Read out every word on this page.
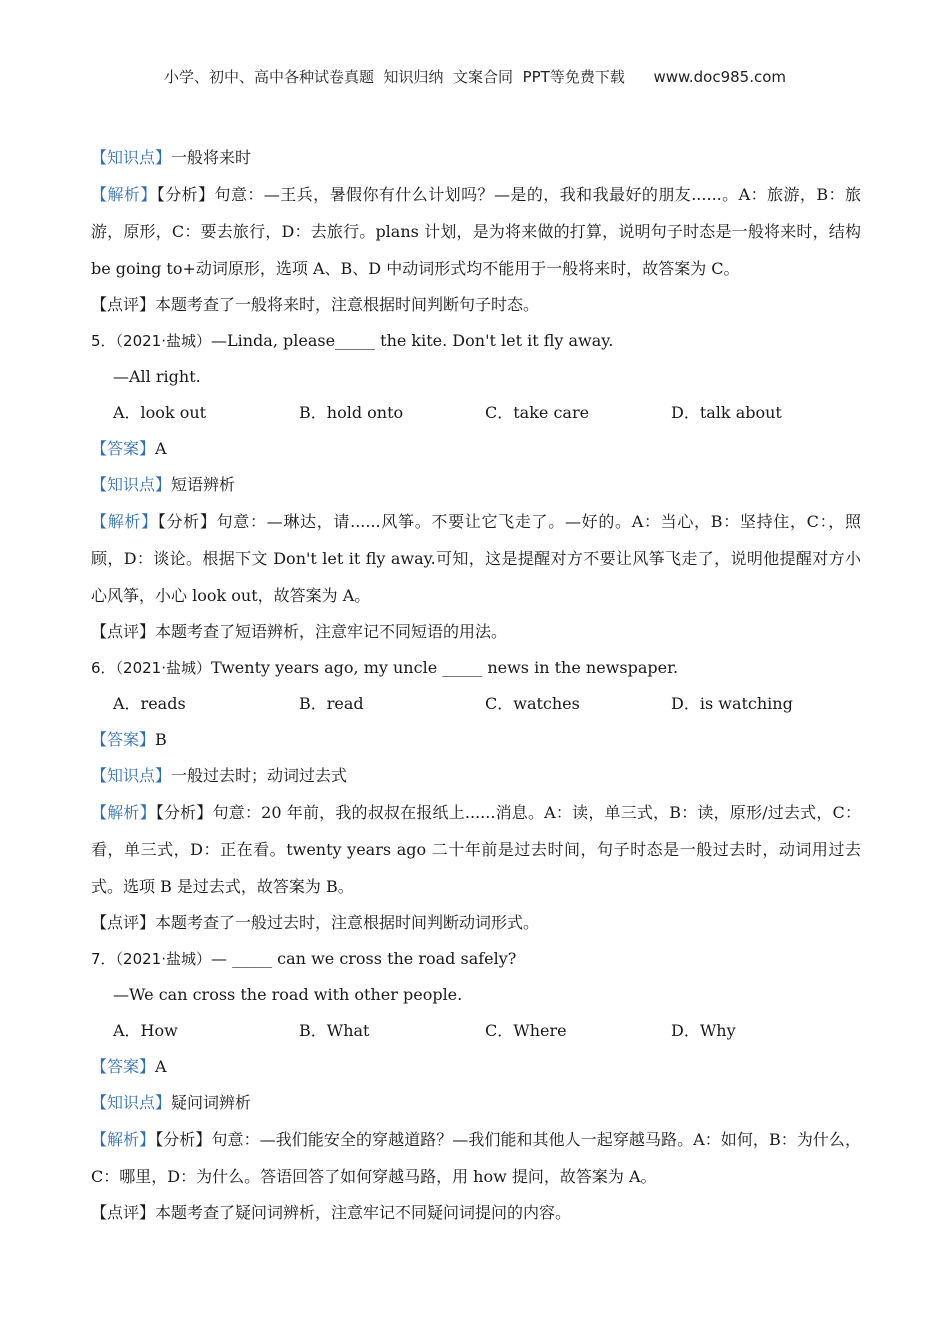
小学、初中、高中各种试卷真题  知识归纳  文案合同  PPT等免费下载 www.doc985.com
【知识点】一般将来时
【解析】【分析】句意：—王兵，暑假你有什么计划吗？—是的，我和我最好的朋友......。A：旅游，B：旅游，原形，C：要去旅行，D：去旅行。plans 计划，是为将来做的打算，说明句子时态是一般将来时，结构 be going to+动词原形，选项 A、B、D 中动词形式均不能用于一般将来时，故答案为 C。
【点评】本题考查了一般将来时，注意根据时间判断句子时态。
5．（2021·盐城）—Linda, please_____ the kite. Don't let it fly away.
—All right.
A．look out	B．hold onto	C．take care	D．talk about
【答案】A
【知识点】短语辨析
【解析】【分析】句意：—琳达，请......风筝。不要让它飞走了。—好的。A：当心，B：坚持住，C：，照顾，D：谈论。根据下文 Don't let it fly away.可知，这是提醒对方不要让风筝飞走了，说明他提醒对方小心风筝，小心 look out，故答案为 A。
【点评】本题考查了短语辨析，注意牢记不同短语的用法。
6．（2021·盐城）Twenty years ago, my uncle _____ news in the newspaper.
A．reads	B．read	C．watches	D．is watching
【答案】B
【知识点】一般过去时；动词过去式
【解析】【分析】句意：20 年前，我的叔叔在报纸上......消息。A：读，单三式，B：读，原形/过去式，C：看，单三式，D：正在看。twenty years ago 二十年前是过去时间，句子时态是一般过去时，动词用过去式。选项 B 是过去式，故答案为 B。
【点评】本题考查了一般过去时，注意根据时间判断动词形式。
7．（2021·盐城）— _____ can we cross the road safely?
—We can cross the road with other people.
A．How	B．What	C．Where	D．Why
【答案】A
【知识点】疑问词辨析
【解析】【分析】句意：—我们能安全的穿越道路？—我们能和其他人一起穿越马路。A：如何，B：为什么，C：哪里，D：为什么。答语回答了如何穿越马路，用 how 提问，故答案为 A。
【点评】本题考查了疑问词辨析，注意牢记不同疑问词提问的内容。
